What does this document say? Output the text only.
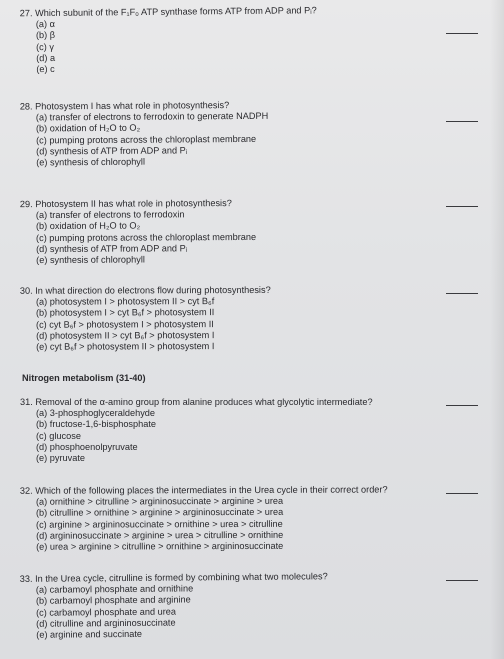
27. Which subunit of the F₁F₀ ATP synthase forms ATP from ADP and Pᵢ?
(a) α
(b) β
(c) γ
(d) a
(e) c
28. Photosystem I has what role in photosynthesis?
(a) transfer of electrons to ferrodoxin to generate NADPH
(b) oxidation of H₂O to O₂
(c) pumping protons across the chloroplast membrane
(d) synthesis of ATP from ADP and Pᵢ
(e) synthesis of chlorophyll
29. Photosystem II has what role in photosynthesis?
(a) transfer of electrons to ferrodoxin
(b) oxidation of H₂O to O₂
(c) pumping protons across the chloroplast membrane
(d) synthesis of ATP from ADP and Pᵢ
(e) synthesis of chlorophyll
30. In what direction do electrons flow during photosynthesis?
(a) photosystem I > photosystem II > cyt B₆f
(b) photosystem I > cyt B₆f > photosystem II
(c) cyt B₆f > photosystem I > photosystem II
(d) photosystem II > cyt B₆f > photosystem I
(e) cyt B₆f > photosystem II > photosystem I
Nitrogen metabolism (31-40)
31. Removal of the α-amino group from alanine produces what glycolytic intermediate?
(a) 3-phosphoglyceraldehyde
(b) fructose-1,6-bisphosphate
(c) glucose
(d) phosphoenolpyruvate
(e) pyruvate
32. Which of the following places the intermediates in the Urea cycle in their correct order?
(a) ornithine > citrulline > argininosuccinate > arginine > urea
(b) citrulline > ornithine > arginine > argininosuccinate > urea
(c) arginine > argininosuccinate > ornithine > urea > citrulline
(d) argininosuccinate > arginine > urea > citrulline > ornithine
(e) urea > arginine > citrulline > ornithine > argininosuccinate
33. In the Urea cycle, citrulline is formed by combining what two molecules?
(a) carbamoyl phosphate and ornithine
(b) carbamoyl phosphate and arginine
(c) carbamoyl phosphate and urea
(d) citrulline and argininosuccinate
(e) arginine and succinate
